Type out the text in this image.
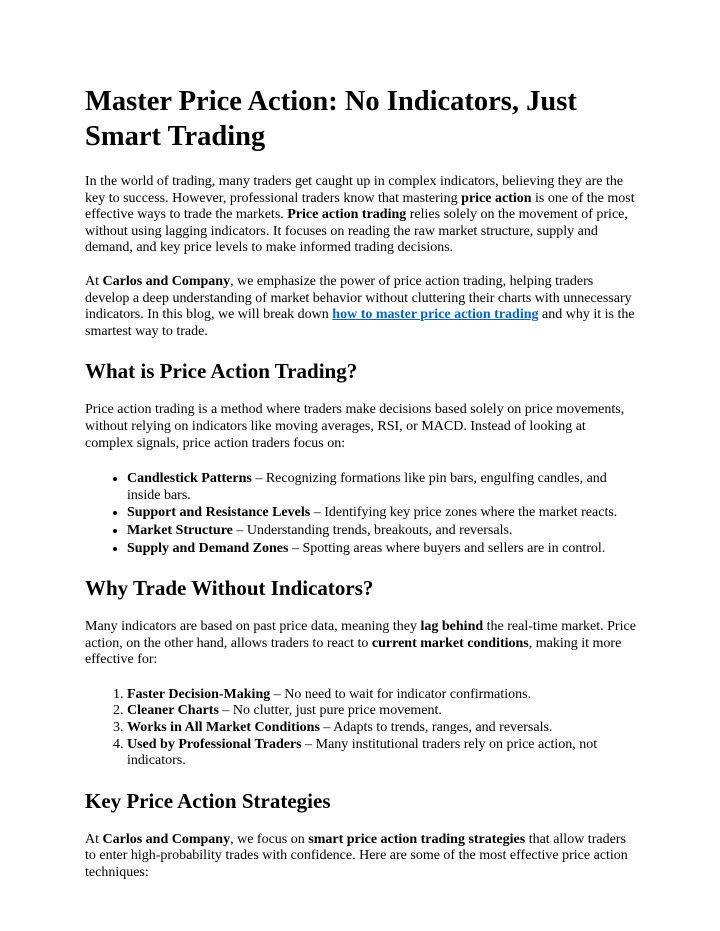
Master Price Action: No Indicators, Just Smart Trading

In the world of trading, many traders get caught up in complex indicators, believing they are the key to success. However, professional traders know that mastering price action is one of the most effective ways to trade the markets. Price action trading relies solely on the movement of price, without using lagging indicators. It focuses on reading the raw market structure, supply and demand, and key price levels to make informed trading decisions.

At Carlos and Company, we emphasize the power of price action trading, helping traders develop a deep understanding of market behavior without cluttering their charts with unnecessary indicators. In this blog, we will break down how to master price action trading and why it is the smartest way to trade.

What is Price Action Trading?

Price action trading is a method where traders make decisions based solely on price movements, without relying on indicators like moving averages, RSI, or MACD. Instead of looking at complex signals, price action traders focus on:

• Candlestick Patterns – Recognizing formations like pin bars, engulfing candles, and inside bars.
• Support and Resistance Levels – Identifying key price zones where the market reacts.
• Market Structure – Understanding trends, breakouts, and reversals.
• Supply and Demand Zones – Spotting areas where buyers and sellers are in control.
Why Trade Without Indicators?

Many indicators are based on past price data, meaning they lag behind the real-time market. Price action, on the other hand, allows traders to react to current market conditions, making it more effective for:

1. Faster Decision-Making – No need to wait for indicator confirmations.
2. Cleaner Charts – No clutter, just pure price movement.
3. Works in All Market Conditions – Adapts to trends, ranges, and reversals.
4. Used by Professional Traders – Many institutional traders rely on price action, not indicators.
Key Price Action Strategies

At Carlos and Company, we focus on smart price action trading strategies that allow traders to enter high-probability trades with confidence. Here are some of the most effective price action techniques:
